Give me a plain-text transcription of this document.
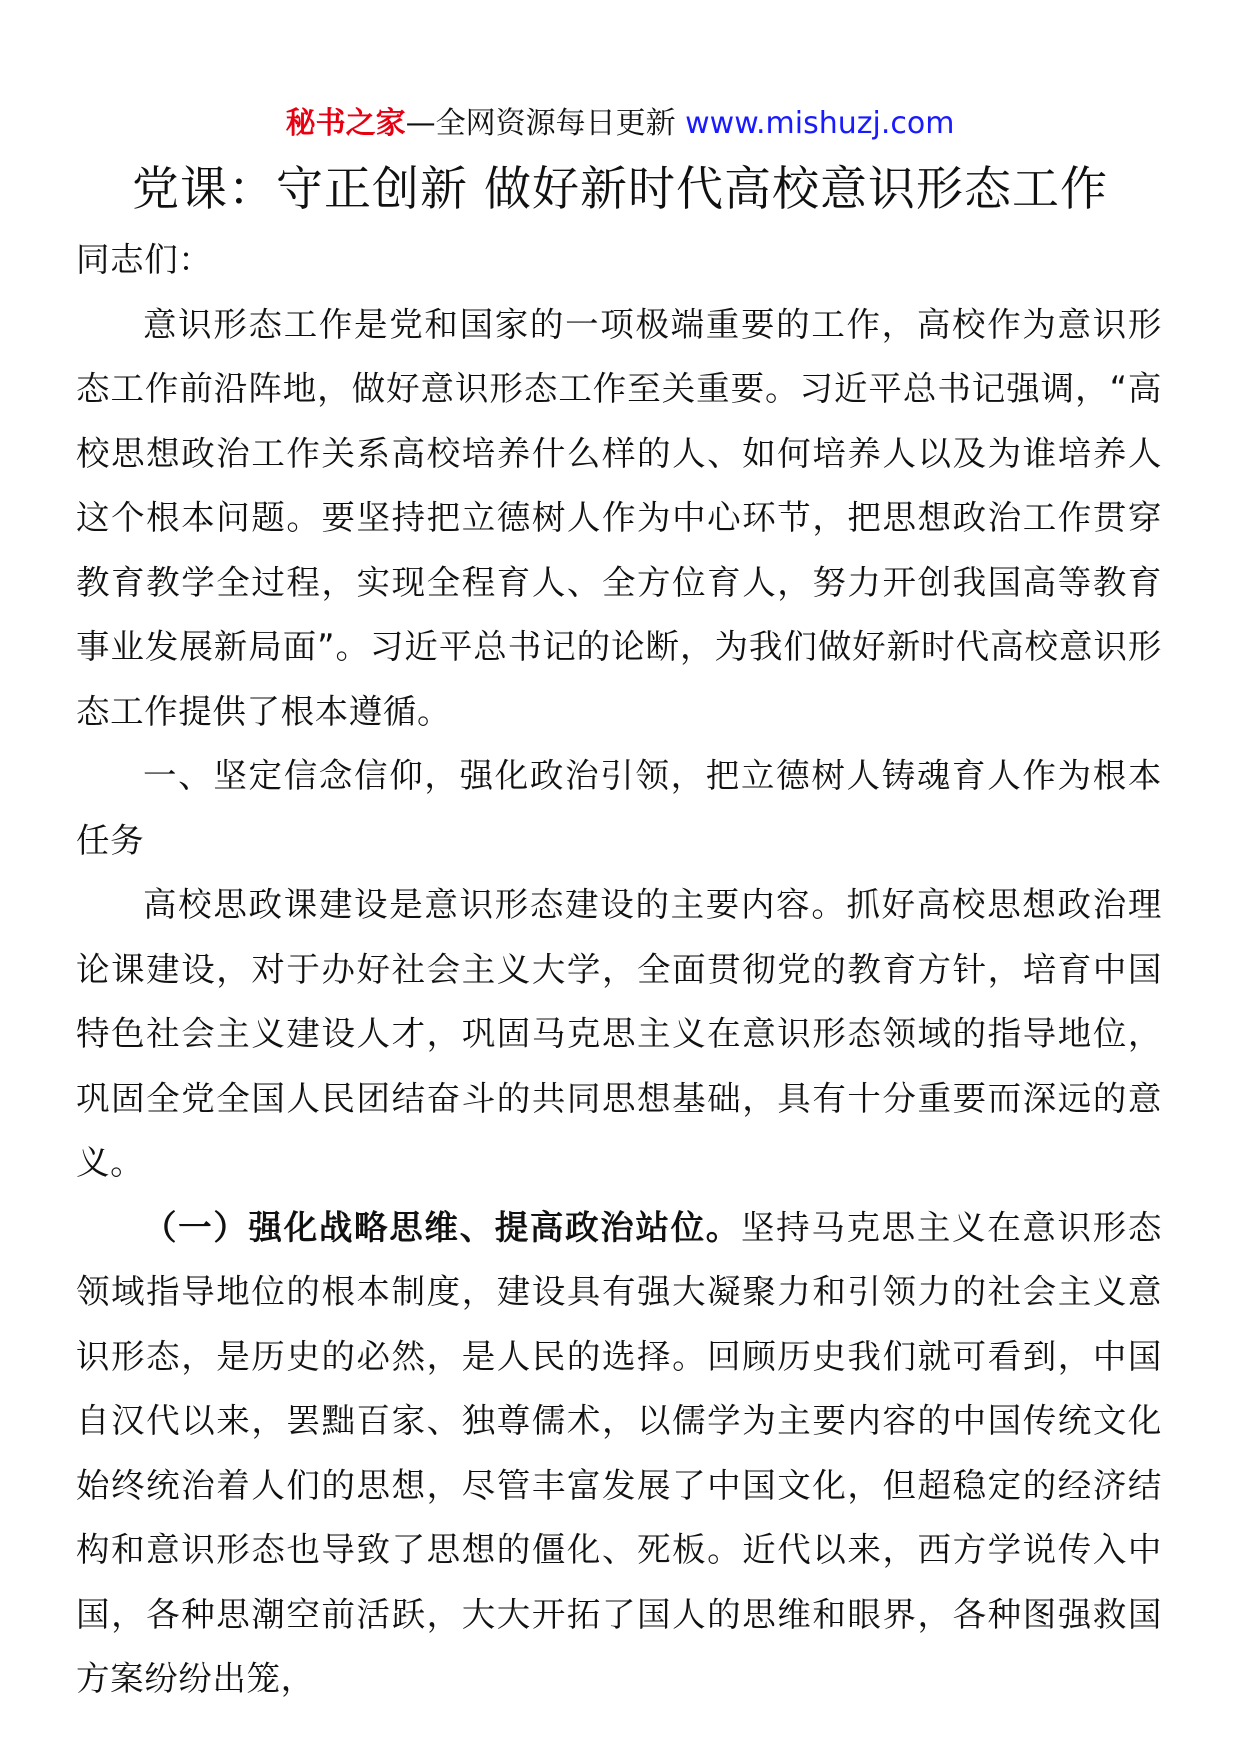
秘书之家—全网资源每日更新 www.mishuzj.com
党课：守正创新 做好新时代高校意识形态工作

同志们：

意识形态工作是党和国家的一项极端重要的工作，高校作为意识形态工作前沿阵地，做好意识形态工作至关重要。习近平总书记强调，“高校思想政治工作关系高校培养什么样的人、如何培养人以及为谁培养人这个根本问题。要坚持把立德树人作为中心环节，把思想政治工作贯穿教育教学全过程，实现全程育人、全方位育人，努力开创我国高等教育事业发展新局面”。习近平总书记的论断，为我们做好新时代高校意识形态工作提供了根本遵循。

一、坚定信念信仰，强化政治引领，把立德树人铸魂育人作为根本任务

高校思政课建设是意识形态建设的主要内容。抓好高校思想政治理论课建设，对于办好社会主义大学，全面贯彻党的教育方针，培育中国特色社会主义建设人才，巩固马克思主义在意识形态领域的指导地位，巩固全党全国人民团结奋斗的共同思想基础，具有十分重要而深远的意义。

（一）强化战略思维、提高政治站位。坚持马克思主义在意识形态领域指导地位的根本制度，建设具有强大凝聚力和引领力的社会主义意识形态，是历史的必然，是人民的选择。回顾历史我们就可看到，中国自汉代以来，罢黜百家、独尊儒术，以儒学为主要内容的中国传统文化始终统治着人们的思想，尽管丰富发展了中国文化，但超稳定的经济结构和意识形态也导致了思想的僵化、死板。近代以来，西方学说传入中国，各种思潮空前活跃，大大开拓了国人的思维和眼界，各种图强救国方案纷纷出笼，
